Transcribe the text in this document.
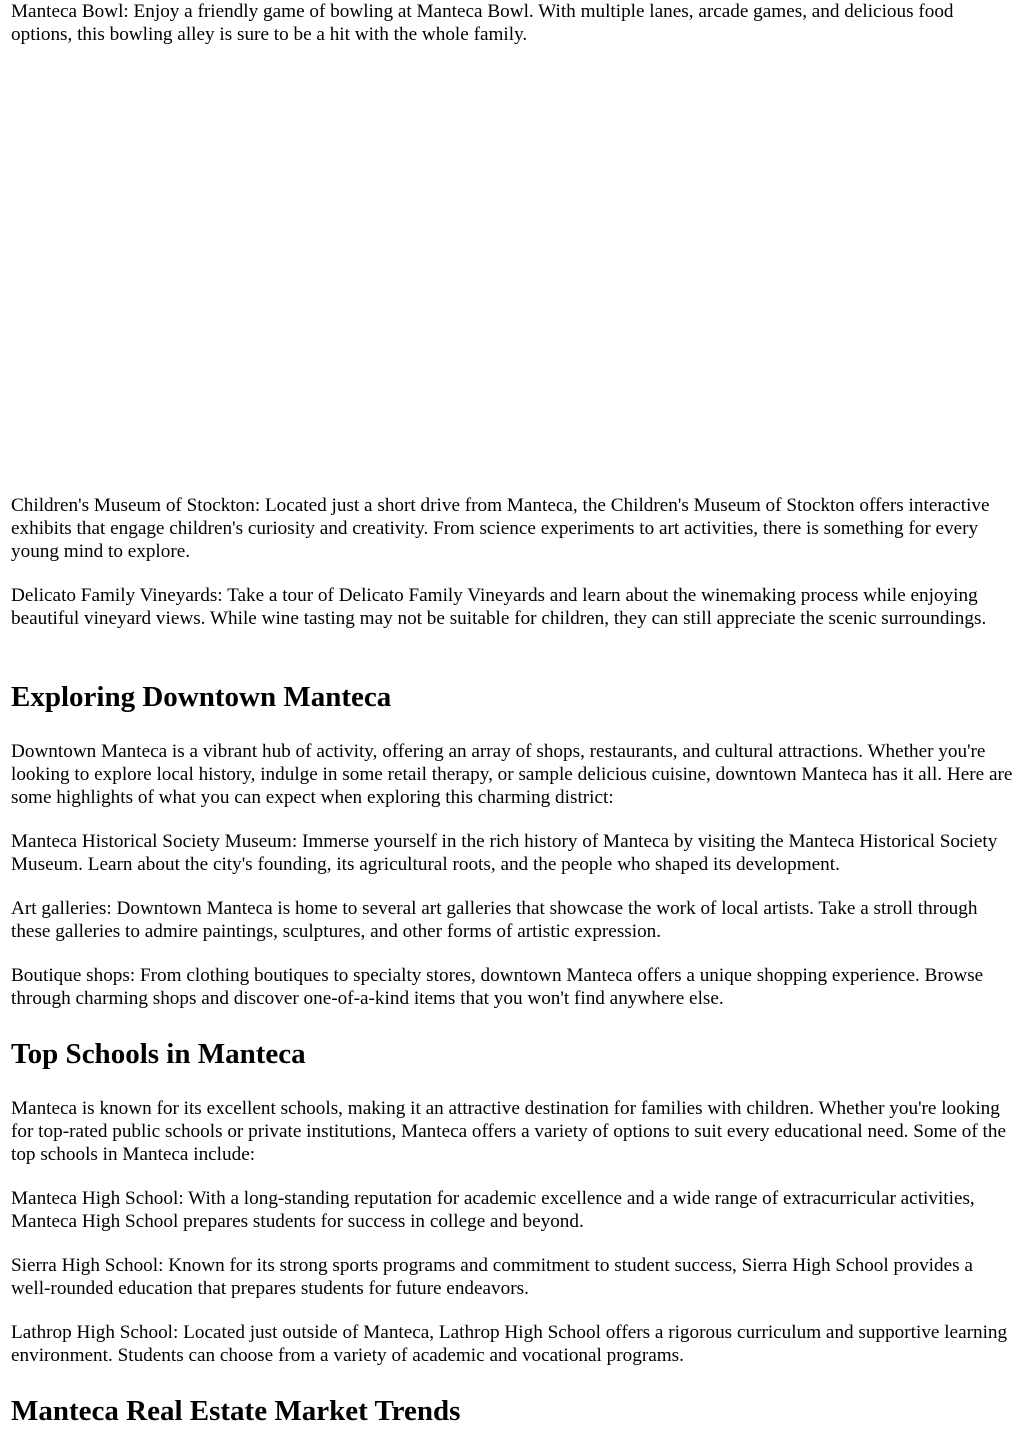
Manteca Bowl: Enjoy a friendly game of bowling at Manteca Bowl. With multiple lanes, arcade games, and delicious food options, this bowling alley is sure to be a hit with the whole family.

Children's Museum of Stockton: Located just a short drive from Manteca, the Children's Museum of Stockton offers interactive exhibits that engage children's curiosity and creativity. From science experiments to art activities, there is something for every young mind to explore.

Delicato Family Vineyards: Take a tour of Delicato Family Vineyards and learn about the winemaking process while enjoying beautiful vineyard views. While wine tasting may not be suitable for children, they can still appreciate the scenic surroundings.

Exploring Downtown Manteca

Downtown Manteca is a vibrant hub of activity, offering an array of shops, restaurants, and cultural attractions. Whether you're looking to explore local history, indulge in some retail therapy, or sample delicious cuisine, downtown Manteca has it all. Here are some highlights of what you can expect when exploring this charming district:

Manteca Historical Society Museum: Immerse yourself in the rich history of Manteca by visiting the Manteca Historical Society Museum. Learn about the city's founding, its agricultural roots, and the people who shaped its development.

Art galleries: Downtown Manteca is home to several art galleries that showcase the work of local artists. Take a stroll through these galleries to admire paintings, sculptures, and other forms of artistic expression.

Boutique shops: From clothing boutiques to specialty stores, downtown Manteca offers a unique shopping experience. Browse through charming shops and discover one-of-a-kind items that you won't find anywhere else.

Top Schools in Manteca

Manteca is known for its excellent schools, making it an attractive destination for families with children. Whether you're looking for top-rated public schools or private institutions, Manteca offers a variety of options to suit every educational need. Some of the top schools in Manteca include:

Manteca High School: With a long-standing reputation for academic excellence and a wide range of extracurricular activities, Manteca High School prepares students for success in college and beyond.

Sierra High School: Known for its strong sports programs and commitment to student success, Sierra High School provides a well-rounded education that prepares students for future endeavors.

Lathrop High School: Located just outside of Manteca, Lathrop High School offers a rigorous curriculum and supportive learning environment. Students can choose from a variety of academic and vocational programs.

Manteca Real Estate Market Trends
